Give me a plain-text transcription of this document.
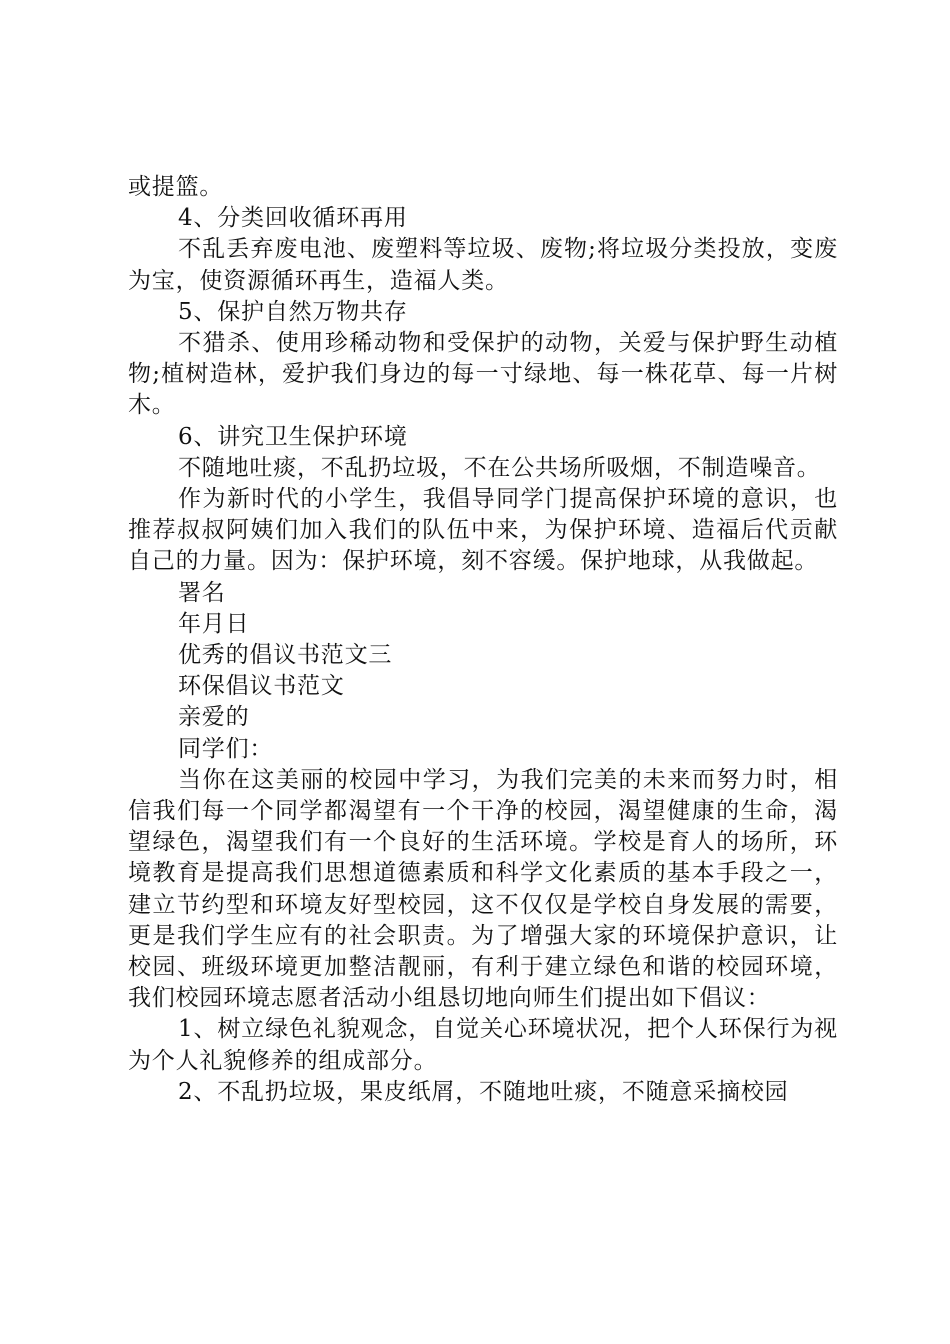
或提篮。

4、分类回收循环再用

不乱丢弃废电池、废塑料等垃圾、废物;将垃圾分类投放，变废为宝，使资源循环再生，造福人类。

5、保护自然万物共存

不猎杀、使用珍稀动物和受保护的动物，关爱与保护野生动植物;植树造林，爱护我们身边的每一寸绿地、每一株花草、每一片树木。

6、讲究卫生保护环境

不随地吐痰，不乱扔垃圾，不在公共场所吸烟，不制造噪音。

作为新时代的小学生，我倡导同学门提高保护环境的意识，也推荐叔叔阿姨们加入我们的队伍中来，为保护环境、造福后代贡献自己的力量。因为：保护环境，刻不容缓。保护地球，从我做起。

署名

年月日

优秀的倡议书范文三

环保倡议书范文

亲爱的

同学们：

当你在这美丽的校园中学习，为我们完美的未来而努力时，相信我们每一个同学都渴望有一个干净的校园，渴望健康的生命，渴望绿色，渴望我们有一个良好的生活环境。学校是育人的场所，环境教育是提高我们思想道德素质和科学文化素质的基本手段之一，建立节约型和环境友好型校园，这不仅仅是学校自身发展的需要，更是我们学生应有的社会职责。为了增强大家的环境保护意识，让校园、班级环境更加整洁靓丽，有利于建立绿色和谐的校园环境，我们校园环境志愿者活动小组恳切地向师生们提出如下倡议：

1、树立绿色礼貌观念，自觉关心环境状况，把个人环保行为视为个人礼貌修养的组成部分。

2、不乱扔垃圾，果皮纸屑，不随地吐痰，不随意采摘校园
